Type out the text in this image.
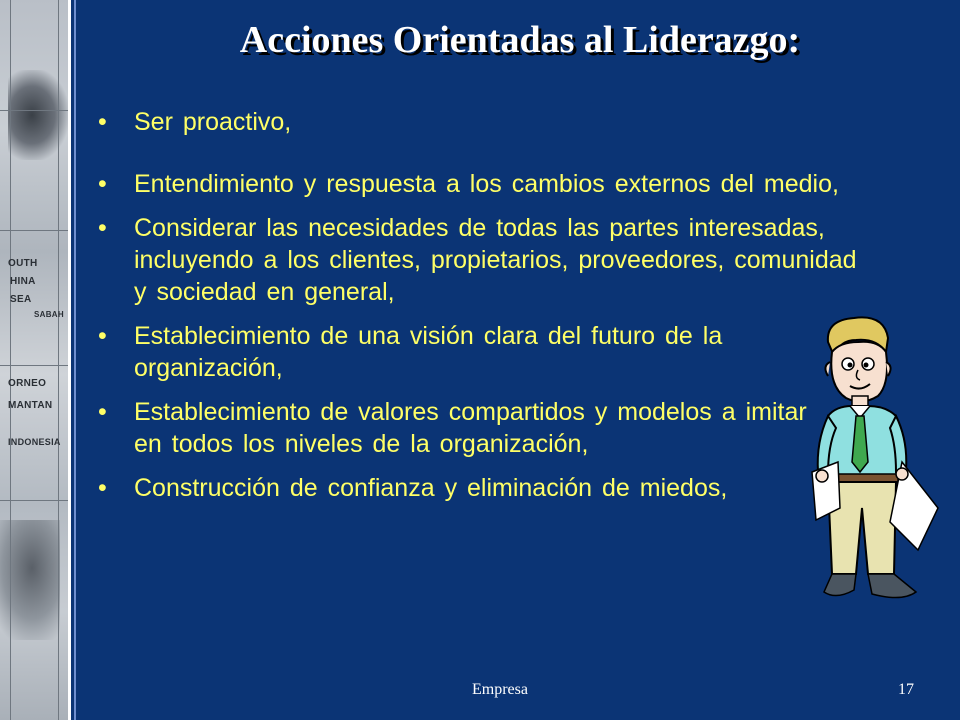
OUTH
HINA
SEA
SABAH
ORNEO
MANTAN
INDONESIA
Acciones Orientadas al Liderazgo:
• Ser proactivo,
• Entendimiento y respuesta a los cambios externos del medio,
• Considerar las necesidades de todas las partes interesadas, incluyendo a los clientes, propietarios, proveedores, comunidad y sociedad en general,
• Establecimiento de una visión clara del futuro de la organización,
• Establecimiento de valores compartidos y modelos a imitar en todos los niveles de la organización,
• Construcción de confianza y eliminación de miedos,
Empresa	17
